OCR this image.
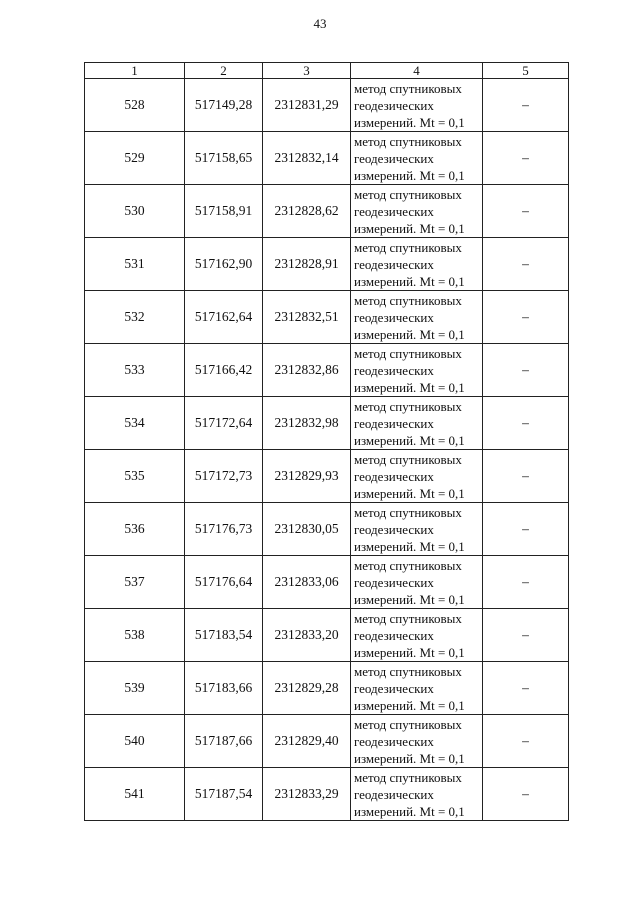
43
1	2	3	4	5
528	517149,28	2312831,29	метод спутниковых
геодезических
измерений. Mt = 0,1	–
529	517158,65	2312832,14	метод спутниковых
геодезических
измерений. Mt = 0,1	–
530	517158,91	2312828,62	метод спутниковых
геодезических
измерений. Mt = 0,1	–
531	517162,90	2312828,91	метод спутниковых
геодезических
измерений. Mt = 0,1	–
532	517162,64	2312832,51	метод спутниковых
геодезических
измерений. Mt = 0,1	–
533	517166,42	2312832,86	метод спутниковых
геодезических
измерений. Mt = 0,1	–
534	517172,64	2312832,98	метод спутниковых
геодезических
измерений. Mt = 0,1	–
535	517172,73	2312829,93	метод спутниковых
геодезических
измерений. Mt = 0,1	–
536	517176,73	2312830,05	метод спутниковых
геодезических
измерений. Mt = 0,1	–
537	517176,64	2312833,06	метод спутниковых
геодезических
измерений. Mt = 0,1	–
538	517183,54	2312833,20	метод спутниковых
геодезических
измерений. Mt = 0,1	–
539	517183,66	2312829,28	метод спутниковых
геодезических
измерений. Mt = 0,1	–
540	517187,66	2312829,40	метод спутниковых
геодезических
измерений. Mt = 0,1	–
541	517187,54	2312833,29	метод спутниковых
геодезических
измерений. Mt = 0,1	–
